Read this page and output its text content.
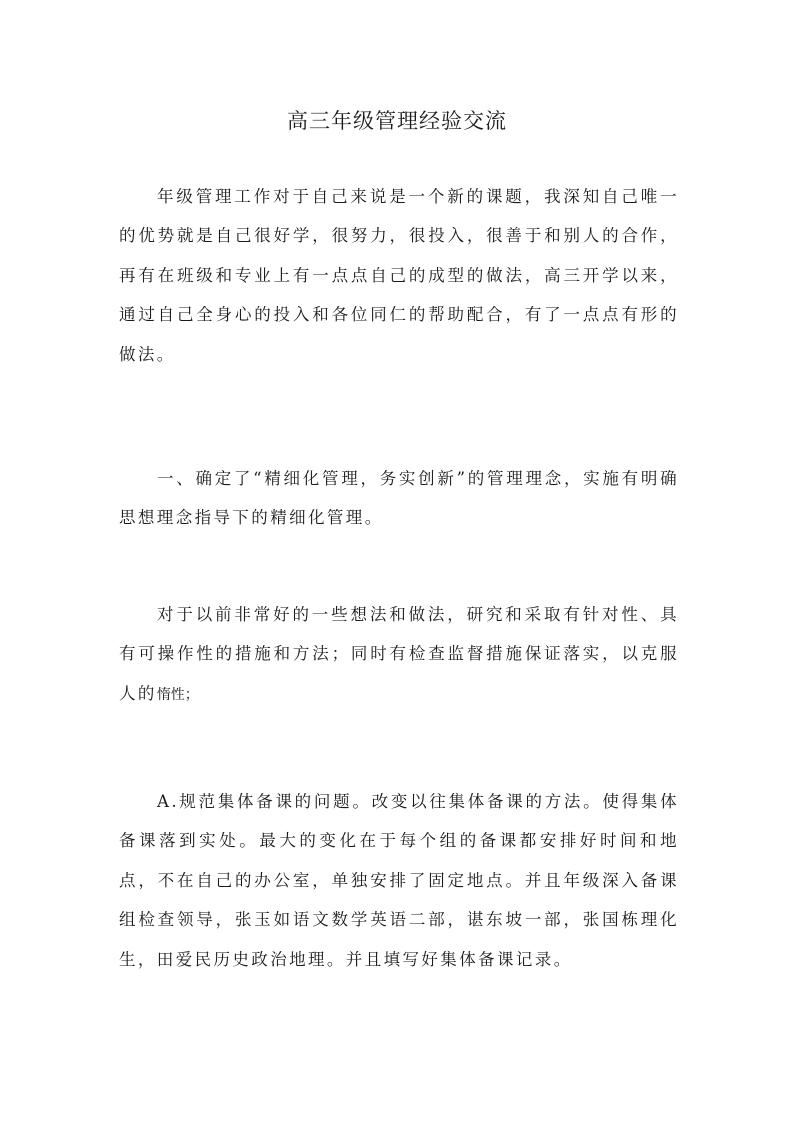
高三年级管理经验交流

年级管理工作对于自己来说是一个新的课题，我深知自己唯一的优势就是自己很好学，很努力，很投入，很善于和别人的合作，再有在班级和专业上有一点点自己的成型的做法，高三开学以来，通过自己全身心的投入和各位同仁的帮助配合，有了一点点有形的做法。

一、确定了“精细化管理，务实创新”的管理理念，实施有明确思想理念指导下的精细化管理。

对于以前非常好的一些想法和做法，研究和采取有针对性、具有可操作性的措施和方法；同时有检查监督措施保证落实，以克服人的惰性；

A.规范集体备课的问题。改变以往集体备课的方法。使得集体备课落到实处。最大的变化在于每个组的备课都安排好时间和地点，不在自己的办公室，单独安排了固定地点。并且年级深入备课组检查领导，张玉如语文数学英语二部，谌东坡一部，张国栋理化生，田爱民历史政治地理。并且填写好集体备课记录。
